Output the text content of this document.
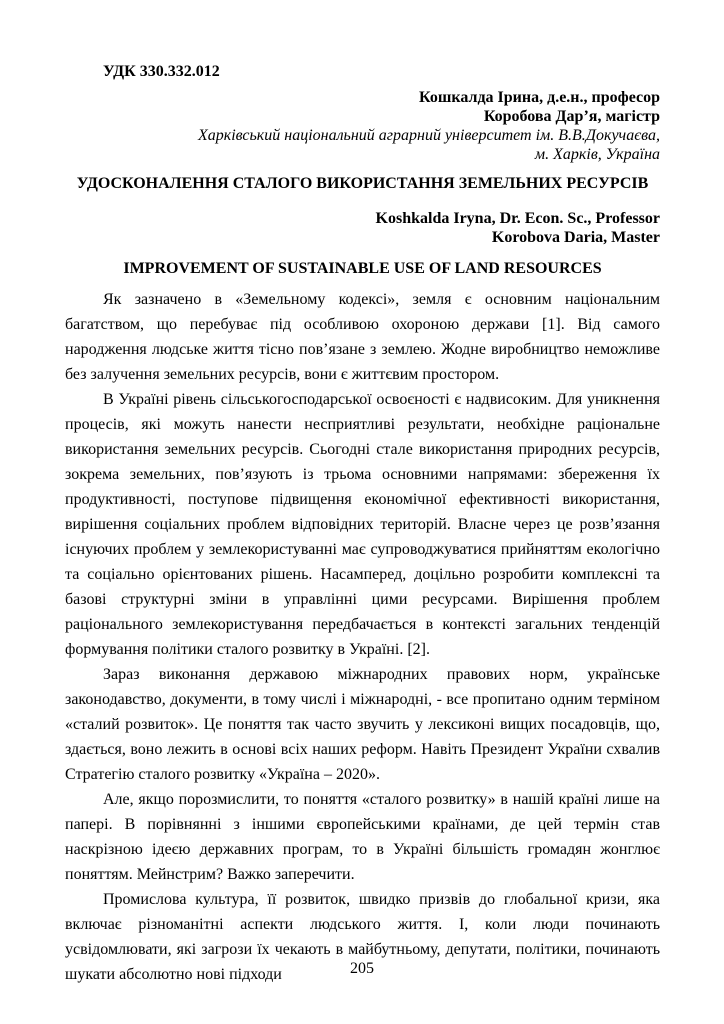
УДК 330.332.012
Кошкалда Ірина, д.е.н., професор
Коробова Дар’я, магістр
Харківський національний аграрний університет ім. В.В.Докучаєва,
м. Харків, Україна
УДОСКОНАЛЕННЯ СТАЛОГО ВИКОРИСТАННЯ ЗЕМЕЛЬНИХ РЕСУРСІВ
Koshkalda Iryna, Dr. Econ. Sc., Professor
Korobova Daria, Master
IMPROVEMENT OF SUSTAINABLE USE OF LAND RESOURCES

Як зазначено в «Земельному кодексі», земля є основним національним багатством, що перебуває під особливою охороною держави [1]. Від самого народження людське життя тісно пов’язане з землею. Жодне виробництво неможливе без залучення земельних ресурсів, вони є життєвим простором.

В Україні рівень сільськогосподарської освоєності є надвисоким. Для уникнення процесів, які можуть нанести несприятливі результати, необхідне раціональне використання земельних ресурсів. Сьогодні стале використання природних ресурсів, зокрема земельних, пов’язують із трьома основними напрямами: збереження їх продуктивності, поступове підвищення економічної ефективності використання, вирішення соціальних проблем відповідних територій. Власне через це розв’язання існуючих проблем у землекористуванні має супроводжуватися прийняттям екологічно та соціально орієнтованих рішень. Насамперед, доцільно розробити комплексні та базові структурні зміни в управлінні цими ресурсами. Вирішення проблем раціонального землекористування передбачається в контексті загальних тенденцій формування політики сталого розвитку в Україні. [2].

Зараз виконання державою міжнародних правових норм, українське законодавство, документи, в тому числі і міжнародні, - все пропитано одним терміном «сталий розвиток». Це поняття так часто звучить у лексиконі вищих посадовців, що, здається, воно лежить в основі всіх наших реформ. Навіть Президент України схвалив Стратегію сталого розвитку «Україна – 2020».

Але, якщо порозмислити, то поняття «сталого розвитку» в нашій країні лише на папері. В порівнянні з іншими європейськими країнами, де цей термін став наскрізною ідеєю державних програм, то в Україні більшість громадян жонглює поняттям. Мейнстрим? Важко заперечити.

Промислова культура, її розвиток, швидко призвів до глобальної кризи, яка включає різноманітні аспекти людського життя. І, коли люди починають усвідомлювати, які загрози їх чекають в майбутньому, депутати, політики, починають шукати абсолютно нові підходи	205
